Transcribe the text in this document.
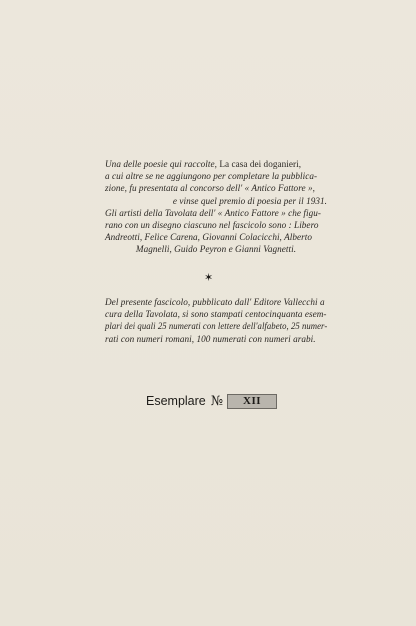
Una delle poesie qui raccolte, La casa dei doganieri,
a cui altre se ne aggiungono per completare la pubblica-
zione, fu presentata al concorso dell' « Antico Fattore »,
e vinse quel premio di poesia per il 1931.
Gli artisti della Tavolata dell' « Antico Fattore » che figu-
rano con un disegno ciascuno nel fascicolo sono : Libero
Andreotti, Felice Carena, Giovanni Colacicchi, Alberto
Magnelli, Guido Peyron e Gianni Vagnetti.
✶
Del presente fascicolo, pubblicato dall' Editore Vallecchi a
cura della Tavolata, si sono stampati centocinquanta esem-
plari dei quali 25 numerati con lettere dell'alfabeto, 25 numer-
rati con numeri romani, 100 numerati con numeri arabi.
Esemplare №	XII
